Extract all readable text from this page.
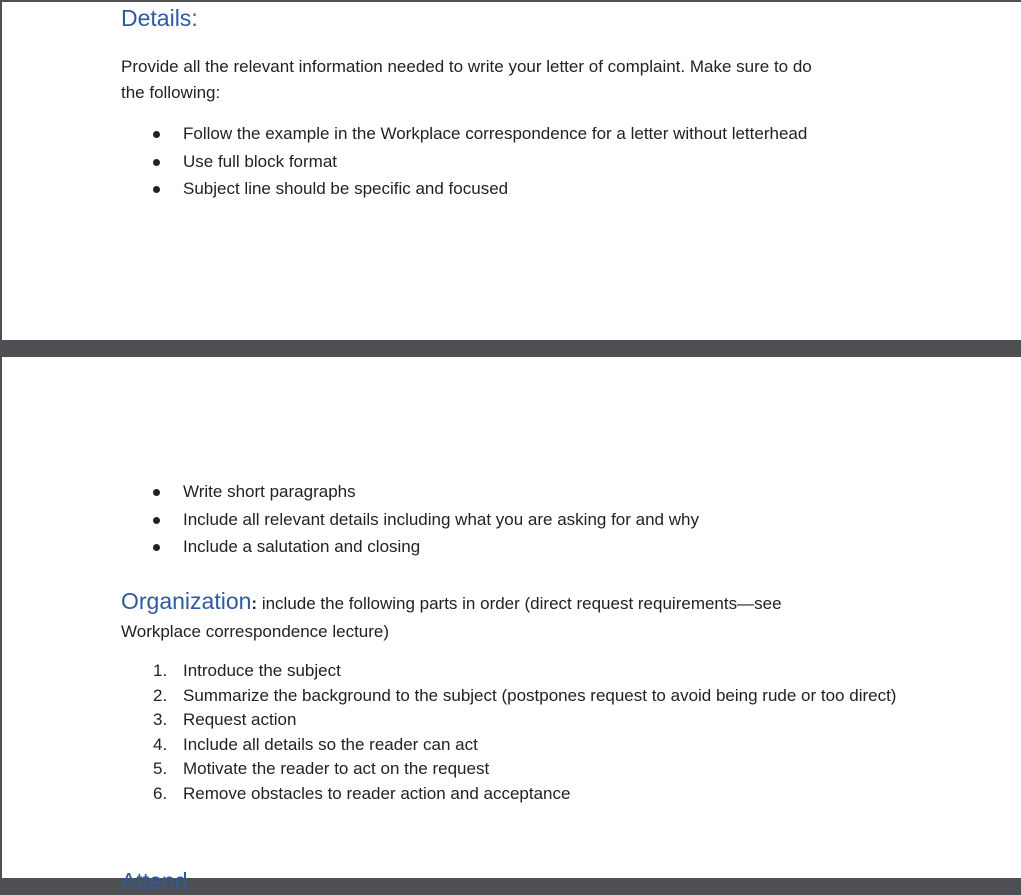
Details:

Provide all the relevant information needed to write your letter of complaint. Make sure to do
the following:

Follow the example in the Workplace correspondence for a letter without letterhead
Use full block format
Subject line should be specific and focused
Write short paragraphs
Include all relevant details including what you are asking for and why
Include a salutation and closing
Organization: include the following parts in order (direct request requirements—see
Workplace correspondence lecture)
1. Introduce the subject
2. Summarize the background to the subject (postpones request to avoid being rude or too direct)
3. Request action
4. Include all details so the reader can act
5. Motivate the reader to act on the request
6. Remove obstacles to reader action and acceptance
Attend
